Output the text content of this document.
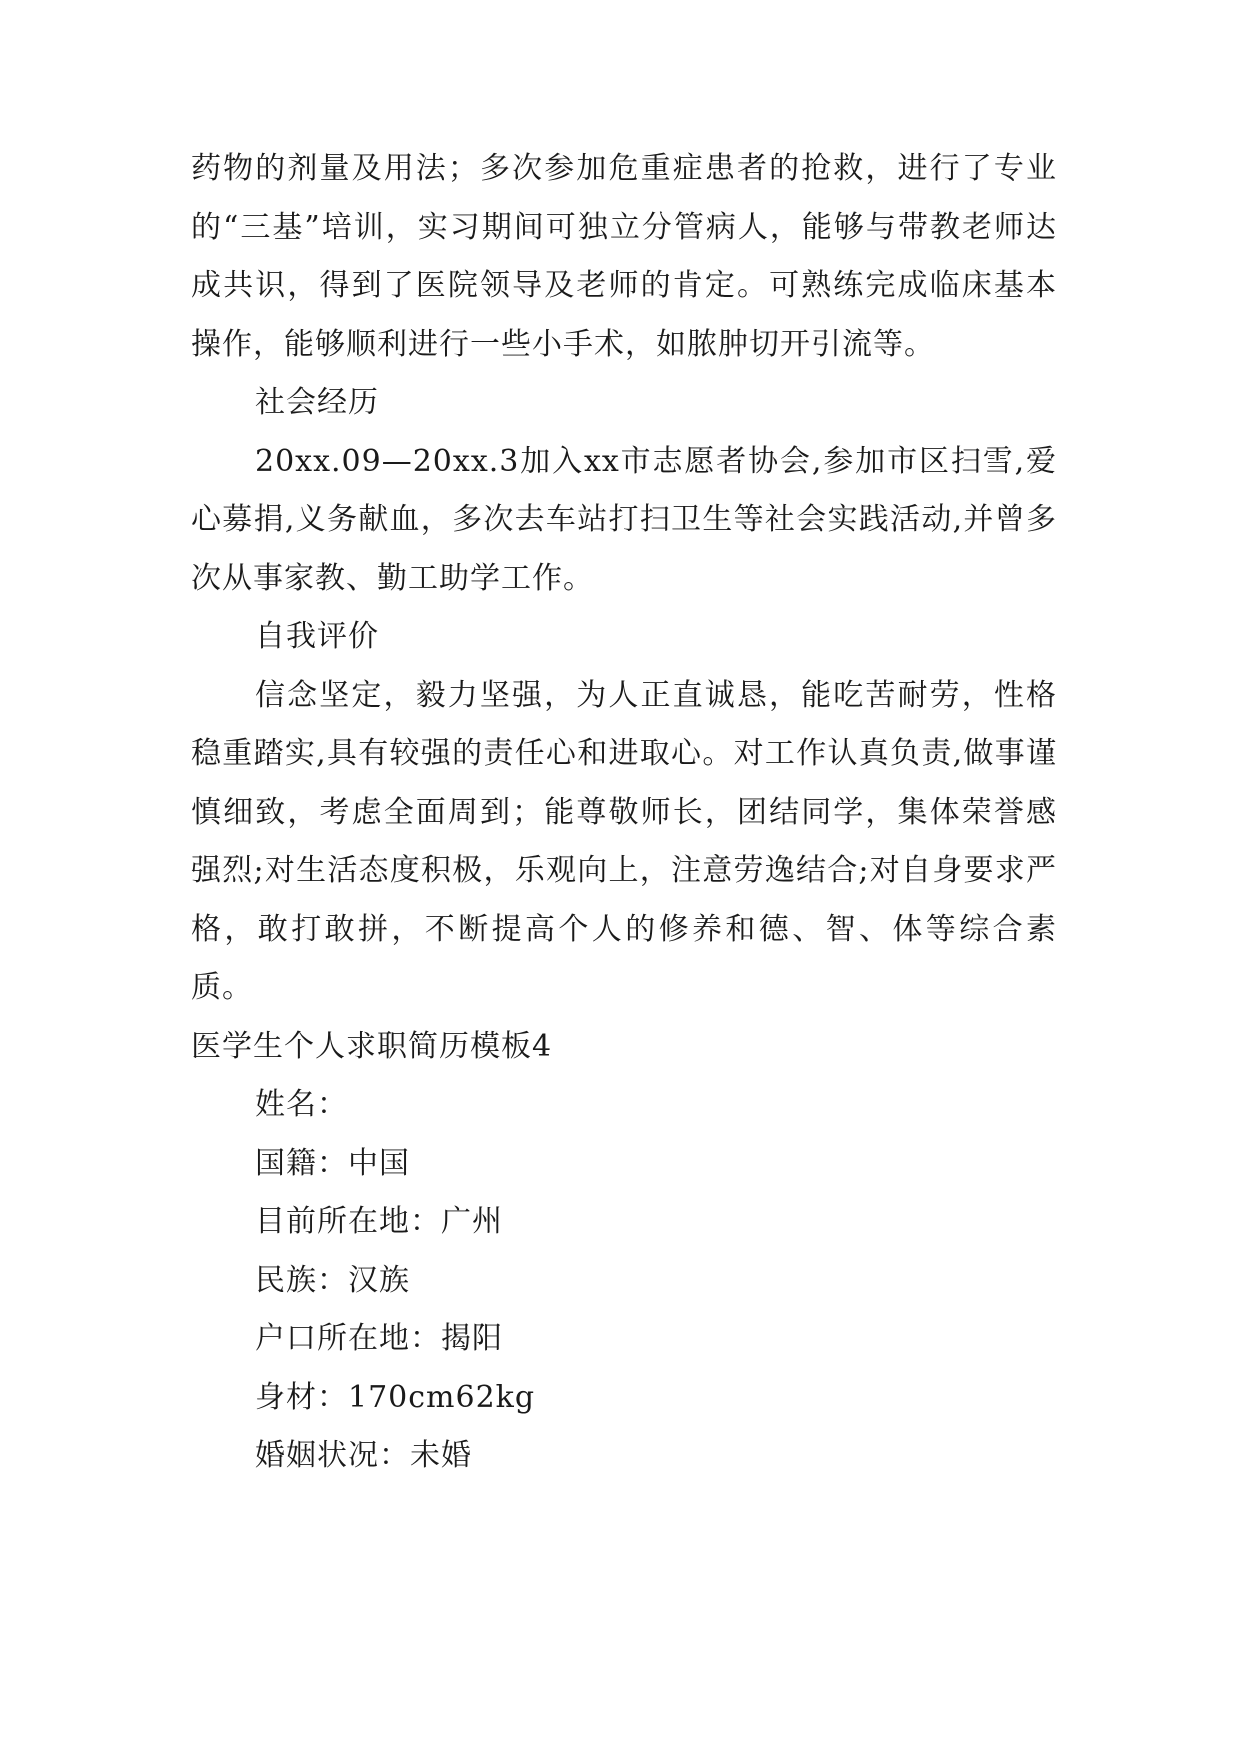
药物的剂量及用法；多次参加危重症患者的抢救，进行了专业的“三基”培训，实习期间可独立分管病人，能够与带教老师达成共识，得到了医院领导及老师的肯定。可熟练完成临床基本操作，能够顺利进行一些小手术，如脓肿切开引流等。

社会经历

20xx.09—20xx.3加入xx市志愿者协会,参加市区扫雪,爱心募捐,义务献血，多次去车站打扫卫生等社会实践活动,并曾多次从事家教、勤工助学工作。

自我评价

信念坚定，毅力坚强，为人正直诚恳，能吃苦耐劳，性格稳重踏实,具有较强的责任心和进取心。对工作认真负责,做事谨慎细致，考虑全面周到；能尊敬师长，团结同学，集体荣誉感强烈;对生活态度积极，乐观向上，注意劳逸结合;对自身要求严格，敢打敢拼，不断提高个人的修养和德、智、体等综合素质。

医学生个人求职简历模板4

姓名：

国籍：中国

目前所在地：广州

民族：汉族

户口所在地：揭阳

身材：170cm62kg

婚姻状况：未婚
